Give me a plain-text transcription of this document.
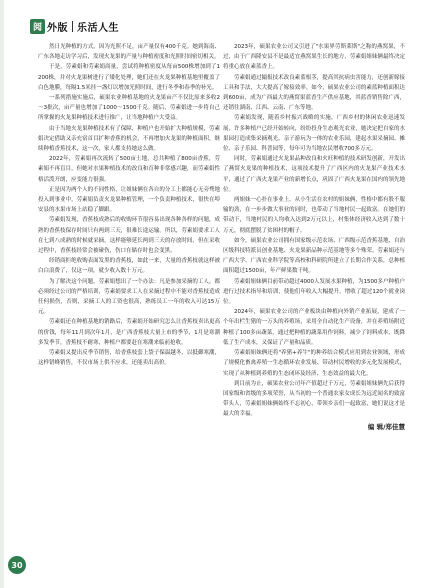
阅 外版 乐活人生

然日光种植的方式，因为光照不足，亩产量仅有400千克。她到海南、广东各地走访学习后，发现火龙果的产量与种植密度和光照时间密切相关。

于是，劳素娟和劳素娟商量，尝试将种植密度从每亩500株增加到了1200株，并对火龙果树进行了矮化处理，她们还在火龙果种植基地里覆盖了白色地膜，每隔1.5米挂一盏灯以增加光照时间，进行冬季和春季的补光。

一系列措施实施后，硕果农业种植基地的火龙果亩产不仅比原来多收2～3批次，亩产量也增加了1000～1500千克。随后，劳素娟进一步将自己所掌握的火龙果种植技术进行推广，让当地种植户大受益。

由于当地火龙果种植技术有了保障，种植户也开始扩大种植规模，劳素娟决定借助又亲充宿首目扩种香蕉的机会，不再增加火龙果的种植面积，继续种植香蕉技术，这一次，家人都支持她这么做。

2022年，劳素娟再次流转了500亩土地，总共种植了800亩香蕉，劳素娟不再盲目，但她对水果种植技术的改良和育种非常感兴趣，而劳素娟性格活泼开朗，应变能力很强。

正是因为两个人的不同性格，让姐妹俩在各自的分工上都能心无旁骛地投入到事业中，劳素娟负责火龙果种植管理，一个负责种植技术，很快在埠安县的水果市场上站稳了脚跟。

劳素娟发现，香蕉枝成熟后的收购环节很容易出现各种各样的问题，成熟的香蕉枝保存时间只有两到三天，很难长途运输。所以，劳素娟要求工人在七到八成熟的时候就采摘，这样能够延长两到三天的存放时间，但在采收过程中，香蕉枝经常会被碰伤，伤口在储存时也会变黑。

经销商拒绝收购表面发黑的香蕉枝，如此一来，大量的香蕉枝就这样被白白浪费了，仅这一项，就少收入数十万元。

为了解决这个问题，劳素娟想出了一个办法：凡是参加采摘的工人，都必须经过公司的严格培训，劳素娟要求工人在采摘过程中不能对香蕉枝造成任何损伤，否则，采摘工人的工资也很高，熟练员工一年的收入可达15万元。

劳素娟还在种植基地的销路后，劳素娟开始研究怎么让香蕉枝卖出更高的价钱，每年11月到次年1月，是广西香蕉枝大量上市的季节，1月是寒潮多发季节，香蕉枝不耐寒，种植户都要赶在寒潮来临前抢收。

劳素娟又提出反季节销售，给香蕉枝套上袋子保温越冬，以抵御寒潮，这样错峰销售，不仅市场上供不应求，还能卖出高价。

2023年，硕果农业公司又引进了"水果界劳斯莱斯"之称的燕窝果，不过，由于广西隆安县不是最适宜燕窝果生长的地方，劳素娟姐妹俩最终决定将重心放在素蓝香上。

劳素娟通过撮报技术改良素蓝根茎，提高其抗病虫害能力，还创新嫁接工具和手法，大大提高了嫁接效率。如今，硕果农业公司的素蓝种植面积达到600亩，成为广西最大的燕窝果蓝香生产供应基地，其蓝香销售除广西，还销往湖南、江西、云南、广东等地。

劳素娟发现，随着乡村振兴战略的实施，广西乡村的休闲农业迅速发展，许多种植户已经开始转向，纷纷投身生态观光农业，她决定把自家的水果园打造成集采摘观光、亲子游玩为一体的农业乐园，建起水果采摘园、摊位、亲子乐园、科普园等，每年可为当地农民增收700多万元。

同时，劳素娟通过火龙果品种改良和火旺种植的技术研发创新，开发出了燕窝火龙果的种植技术，这项技术提升了广西区内的火龙果产业技术水平，通过了广西火龙果产业的新增长点，巩固了广西火龙果在国内的领先地位。

两姐妹一心扑在事业上，从小生活在农村的姐妹俩，性格中都有股不服输的劲，在一步步做大事业的同时，也带动了当地村民一起致富。在她们的带动下，当地村民的人均收入达到2万元以上，村集体经济收入达到了数十万元，彻底摆脱了贫困村的帽子。

如今，硕果农业公司拥有国家级示范农场、广西级示范香蕉基地、自治区级科技特派员创业基地、火龙果新品种示范基地等多个殊荣。劳素娟还与广西大学、广西农业科学院等高校和科研院所建立了长期合作关系，总种植面积超过1500亩，年产鲜果数千吨。

劳素娟姐妹俩目前带动超过4000人发展水果种植，为1500多户种植户进行过技术指导和培训，使他们年收入大幅提升，增收了超过120个就业岗位。

2024年，硕果农业公司的产业板块由种植向外销产业拓展，建成了一个年出栏生猪的一万头的养殖场，采用全自动化生产设备，并在养殖场附近种植了100多亩蔬菜，通过把种植的蔬菜用作饲料，减少了饲料成本，既降低了生产成本，又保证了产量和品质。

劳素娟姐妹俩还将"养猪+养牛"的种养结合模式应用到农业领域，形成了规模化畜禽养殖一生态循环农业发展、带动村民增收的多元化发展模式，实现了从种植到养殖的生态闭环及经济、生态效益的最大化。

到目前为止，硕果农业公司年产值超过千万元，劳素娟姐妹俩先后获得国家级和省级的多项荣誉，从当初的一个普通农家女成长为远近闻名的致富带头人，劳素娟姐妹俩始终不忘初心，带领乡亲们一起致富，她们说这才是最大的幸福。

编 辑/郑佳慧
30
